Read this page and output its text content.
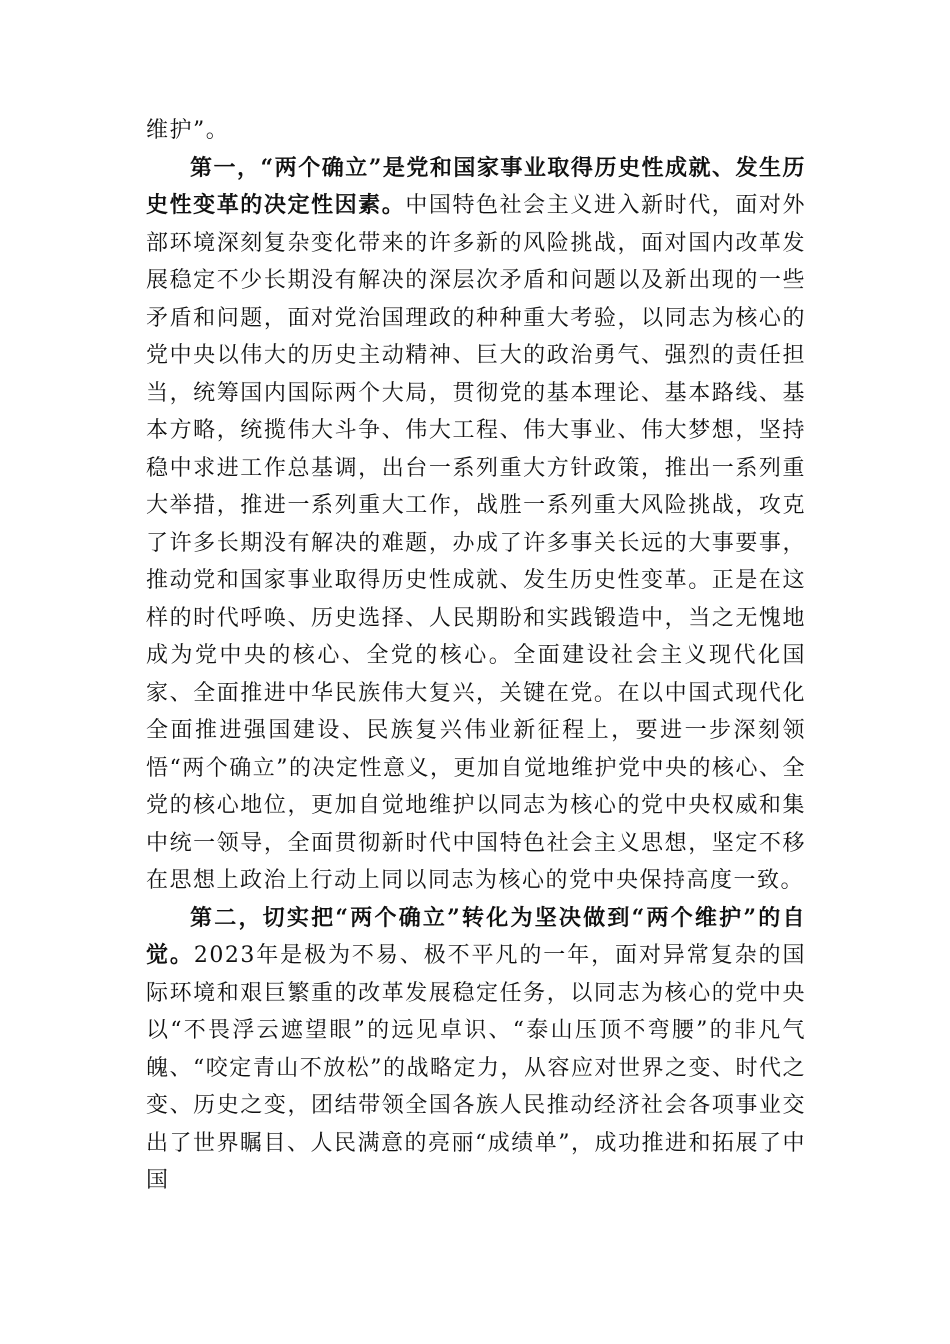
维护”。

第一，“两个确立”是党和国家事业取得历史性成就、发生历史性变革的决定性因素。中国特色社会主义进入新时代，面对外部环境深刻复杂变化带来的许多新的风险挑战，面对国内改革发展稳定不少长期没有解决的深层次矛盾和问题以及新出现的一些矛盾和问题，面对党治国理政的种种重大考验，以同志为核心的党中央以伟大的历史主动精神、巨大的政治勇气、强烈的责任担当，统筹国内国际两个大局，贯彻党的基本理论、基本路线、基本方略，统揽伟大斗争、伟大工程、伟大事业、伟大梦想，坚持稳中求进工作总基调，出台一系列重大方针政策，推出一系列重大举措，推进一系列重大工作，战胜一系列重大风险挑战，攻克了许多长期没有解决的难题，办成了许多事关长远的大事要事，推动党和国家事业取得历史性成就、发生历史性变革。正是在这样的时代呼唤、历史选择、人民期盼和实践锻造中，当之无愧地成为党中央的核心、全党的核心。全面建设社会主义现代化国家、全面推进中华民族伟大复兴，关键在党。在以中国式现代化全面推进强国建设、民族复兴伟业新征程上，要进一步深刻领悟“两个确立”的决定性意义，更加自觉地维护党中央的核心、全党的核心地位，更加自觉地维护以同志为核心的党中央权威和集中统一领导，全面贯彻新时代中国特色社会主义思想，坚定不移在思想上政治上行动上同以同志为核心的党中央保持高度一致。

第二，切实把“两个确立”转化为坚决做到“两个维护”的自觉。2023年是极为不易、极不平凡的一年，面对异常复杂的国际环境和艰巨繁重的改革发展稳定任务，以同志为核心的党中央以“不畏浮云遮望眼”的远见卓识、“泰山压顶不弯腰”的非凡气魄、“咬定青山不放松”的战略定力，从容应对世界之变、时代之变、历史之变，团结带领全国各族人民推动经济社会各项事业交出了世界瞩目、人民满意的亮丽“成绩单”，成功推进和拓展了中国
